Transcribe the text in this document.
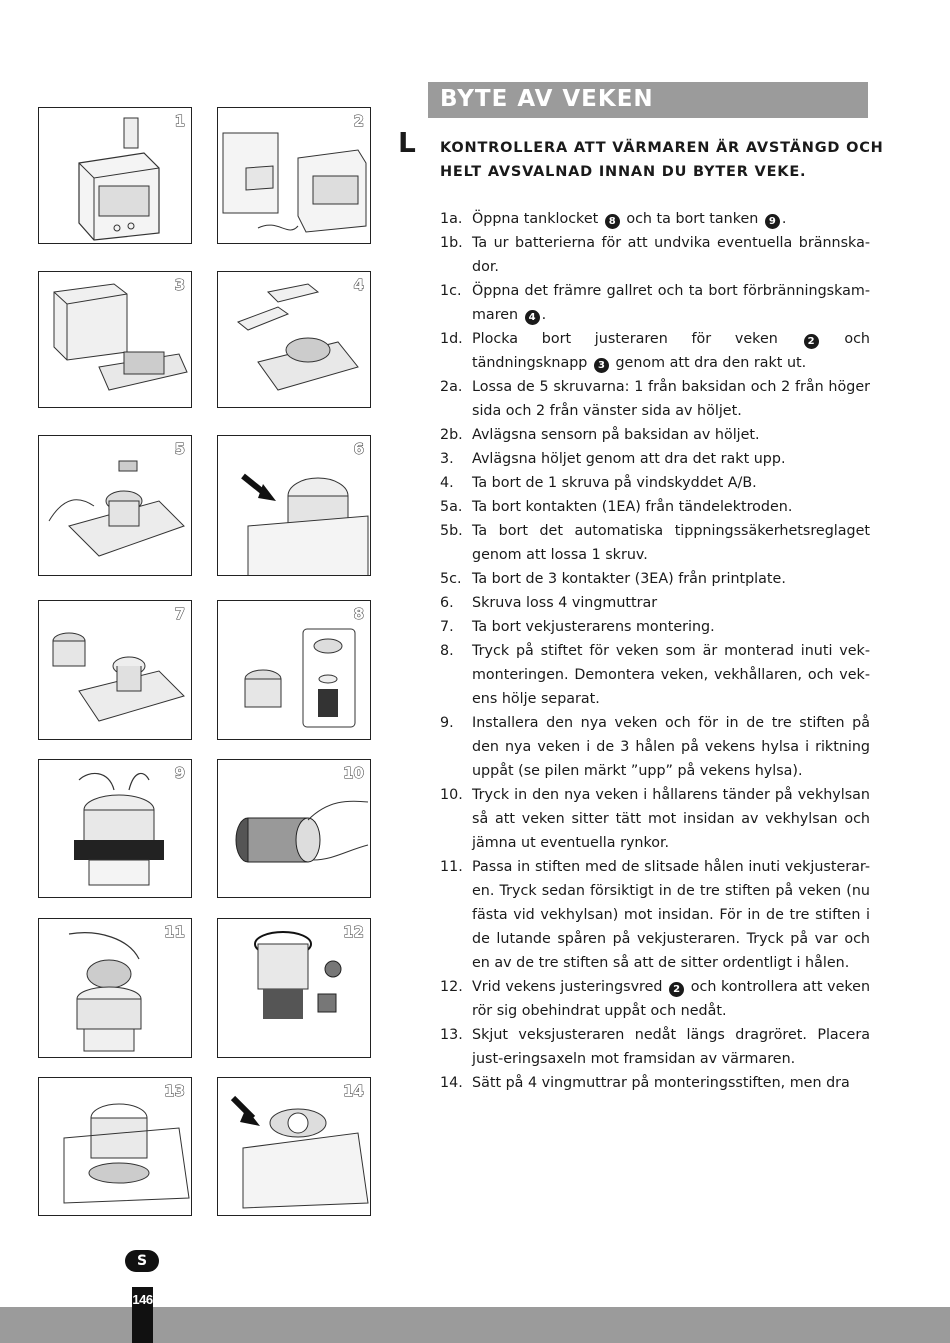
1	2
3	4
5	6
7	8
9	10
11	12
13	14
BYTE AV VEKEN
L KONTROLLERA ATT VÄRMAREN ÄR AVSTÄNGD OCH
HELT AVSVALNAD INNAN DU BYTER VEKE.
1a. Öppna tanklocket 8 och ta bort tanken 9 .
1b. Ta ur batterierna för att undvika eventuella brännska-dor.
1c. Öppna det främre gallret och ta bort förbränningskam-maren 4 .
1d. Plocka bort justeraren för veken 2 och tändningsknapp 3 genom att dra den rakt ut.
2a. Lossa de 5 skruvarna: 1 från baksidan och 2 från höger sida och 2 från vänster sida av höljet.
2b. Avlägsna sensorn på baksidan av höljet.
3. Avlägsna höljet genom att dra det rakt upp.
4. Ta bort de 1 skruva på vindskyddet A/B.
5a. Ta bort kontakten (1EA) från tändelektroden.
5b. Ta bort det automatiska tippningssäkerhetsreglaget genom att lossa 1 skruv.
5c. Ta bort de 3 kontakter (3EA) från printplate.
6. Skruva loss 4 vingmuttrar
7. Ta bort vekjusterarens montering.
8. Tryck på stiftet för veken som är monterad inuti vek-monteringen. Demontera veken, vekhållaren, och vek-ens hölje separat.
9. Installera den nya veken och för in de tre stiften på den nya veken i de 3 hålen på vekens hylsa i riktning uppåt (se pilen märkt ”upp” på vekens hylsa).
10. Tryck in den nya veken i hållarens tänder på vekhylsan så att veken sitter tätt mot insidan av vekhylsan och jämna ut eventuella rynkor.
11. Passa in stiften med de slitsade hålen inuti vekjusterar-en. Tryck sedan försiktigt in de tre stiften på veken (nu fästa vid vekhylsan) mot insidan. För in de tre stiften i de lutande spåren på vekjusteraren. Tryck på var och en av de tre stiften så att de sitter ordentligt i hålen.
12. Vrid vekens justeringsvred 2 och kontrollera att veken rör sig obehindrat uppåt och nedåt.
13. Skjut veksjusteraren nedåt längs dragröret. Placera just-eringsaxeln mot framsidan av värmaren.
14. Sätt på 4 vingmuttrar på monteringsstiften, men dra
S
146
